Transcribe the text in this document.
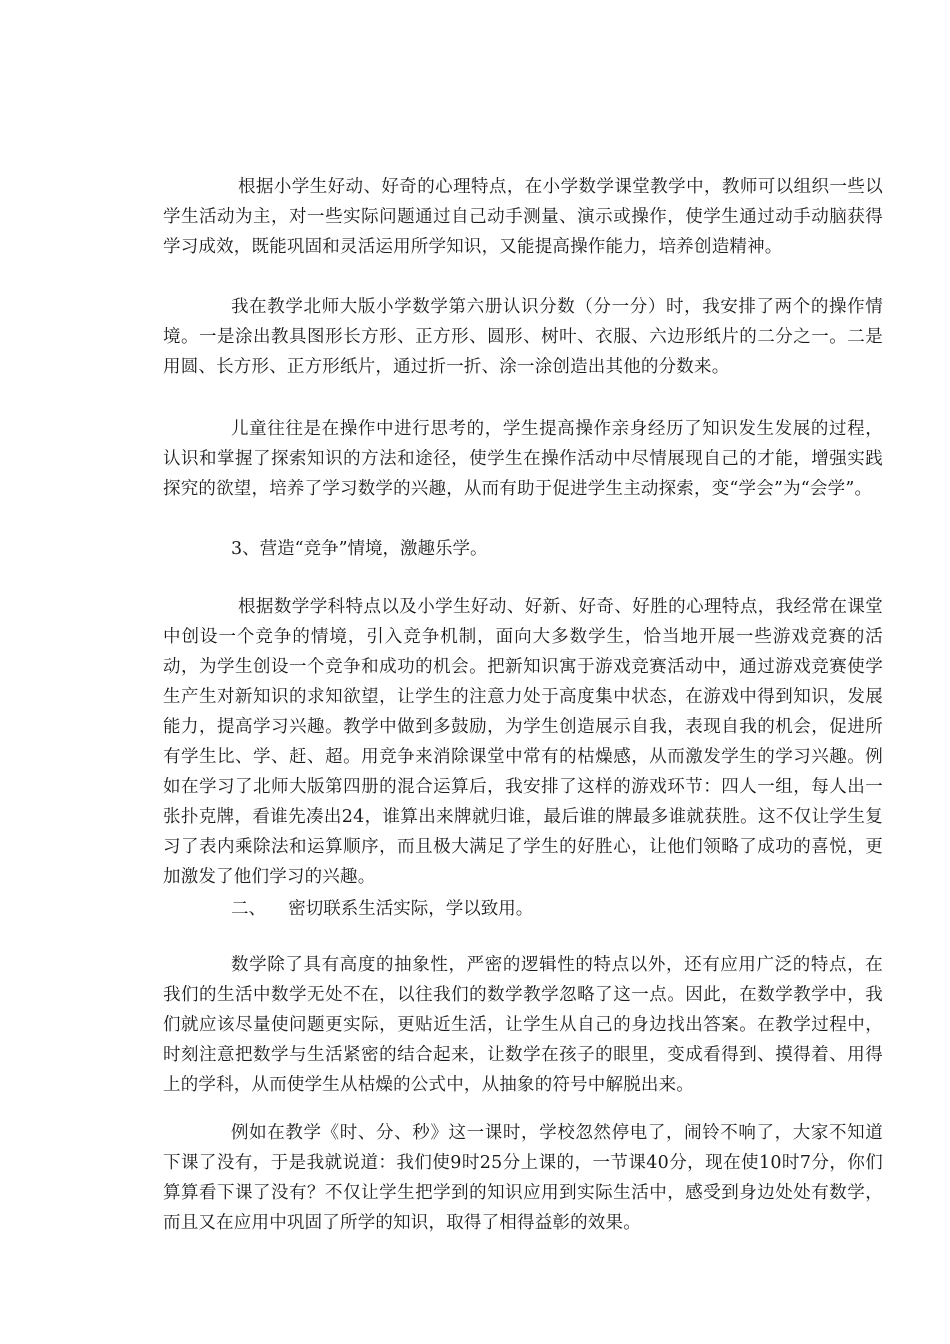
根据小学生好动、好奇的心理特点，在小学数学课堂教学中，教师可以组织一些以学生活动为主，对一些实际问题通过自己动手测量、演示或操作，使学生通过动手动脑获得学习成效，既能巩固和灵活运用所学知识，又能提高操作能力，培养创造精神。

我在教学北师大版小学数学第六册认识分数（分一分）时，我安排了两个的操作情境。一是涂出教具图形长方形、正方形、圆形、树叶、衣服、六边形纸片的二分之一。二是用圆、长方形、正方形纸片，通过折一折、涂一涂创造出其他的分数来。

儿童往往是在操作中进行思考的，学生提高操作亲身经历了知识发生发展的过程，认识和掌握了探索知识的方法和途径，使学生在操作活动中尽情展现自己的才能，增强实践探究的欲望，培养了学习数学的兴趣，从而有助于促进学生主动探索，变“学会”为“会学”。

3、营造“竞争”情境，激趣乐学。

根据数学学科特点以及小学生好动、好新、好奇、好胜的心理特点，我经常在课堂中创设一个竞争的情境，引入竞争机制，面向大多数学生，恰当地开展一些游戏竞赛的活动，为学生创设一个竞争和成功的机会。把新知识寓于游戏竞赛活动中，通过游戏竞赛使学生产生对新知识的求知欲望，让学生的注意力处于高度集中状态，在游戏中得到知识，发展能力，提高学习兴趣。教学中做到多鼓励，为学生创造展示自我，表现自我的机会，促进所有学生比、学、赶、超。用竞争来消除课堂中常有的枯燥感，从而激发学生的学习兴趣。例如在学习了北师大版第四册的混合运算后，我安排了这样的游戏环节：四人一组，每人出一张扑克牌，看谁先凑出24，谁算出来牌就归谁，最后谁的牌最多谁就获胜。这不仅让学生复习了表内乘除法和运算顺序，而且极大满足了学生的好胜心，让他们领略了成功的喜悦，更加激发了他们学习的兴趣。

二、    密切联系生活实际，学以致用。

数学除了具有高度的抽象性，严密的逻辑性的特点以外，还有应用广泛的特点，在我们的生活中数学无处不在，以往我们的数学教学忽略了这一点。因此，在数学教学中，我们就应该尽量使问题更实际，更贴近生活，让学生从自己的身边找出答案。在教学过程中，时刻注意把数学与生活紧密的结合起来，让数学在孩子的眼里，变成看得到、摸得着、用得上的学科，从而使学生从枯燥的公式中，从抽象的符号中解脱出来。

例如在教学《时、分、秒》这一课时，学校忽然停电了，闹铃不响了，大家不知道下课了没有，于是我就说道：我们使9时25分上课的，一节课40分，现在使10时7分，你们算算看下课了没有？不仅让学生把学到的知识应用到实际生活中，感受到身边处处有数学，而且又在应用中巩固了所学的知识，取得了相得益彰的效果。
